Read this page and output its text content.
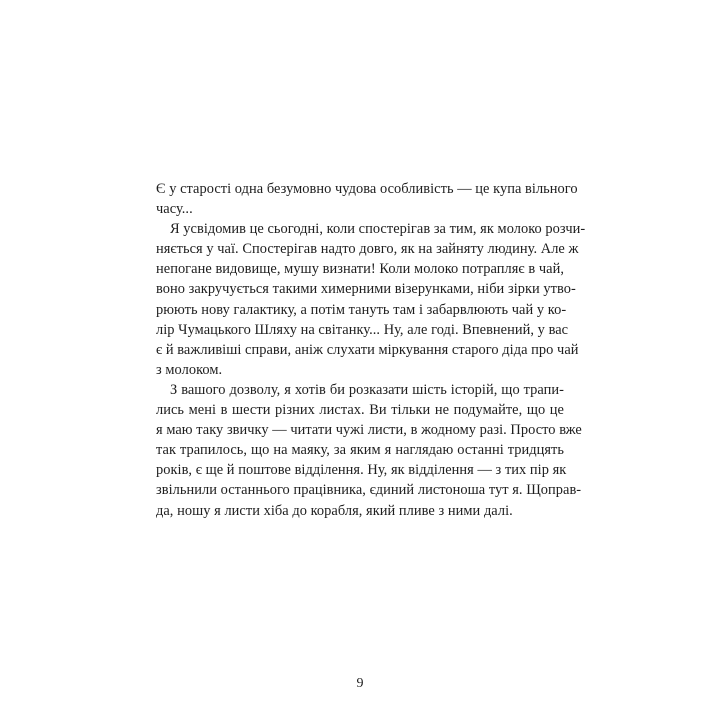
Є у старості одна безумовно чудова особливість — це купа вільного
часу...
Я усвідомив це сьогодні, коли спостерігав за тим, як молоко розчи-
няється у чаї. Спостерігав надто довго, як на зайняту людину. Але ж
непогане видовище, мушу визнати! Коли молоко потрапляє в чай,
воно закручується такими химерними візерунками, ніби зірки утво-
рюють нову галактику, а потім тануть там і забарвлюють чай у ко-
лір Чумацького Шляху на світанку... Ну, але годі. Впевнений, у вас
є й важливіші справи, аніж слухати міркування старого діда про чай
з молоком.
З вашого дозволу, я хотів би розказати шість історій, що трапи-
лись мені в шести різних листах. Ви тільки не подумайте, що це
я маю таку звичку — читати чужі листи, в жодному разі. Просто вже
так трапилось, що на маяку, за яким я наглядаю останні тридцять
років, є ще й поштове відділення. Ну, як відділення — з тих пір як
звільнили останнього працівника, єдиний листоноша тут я. Щоправ-
да, ношу я листи хіба до корабля, який пливе з ними далі.
9
